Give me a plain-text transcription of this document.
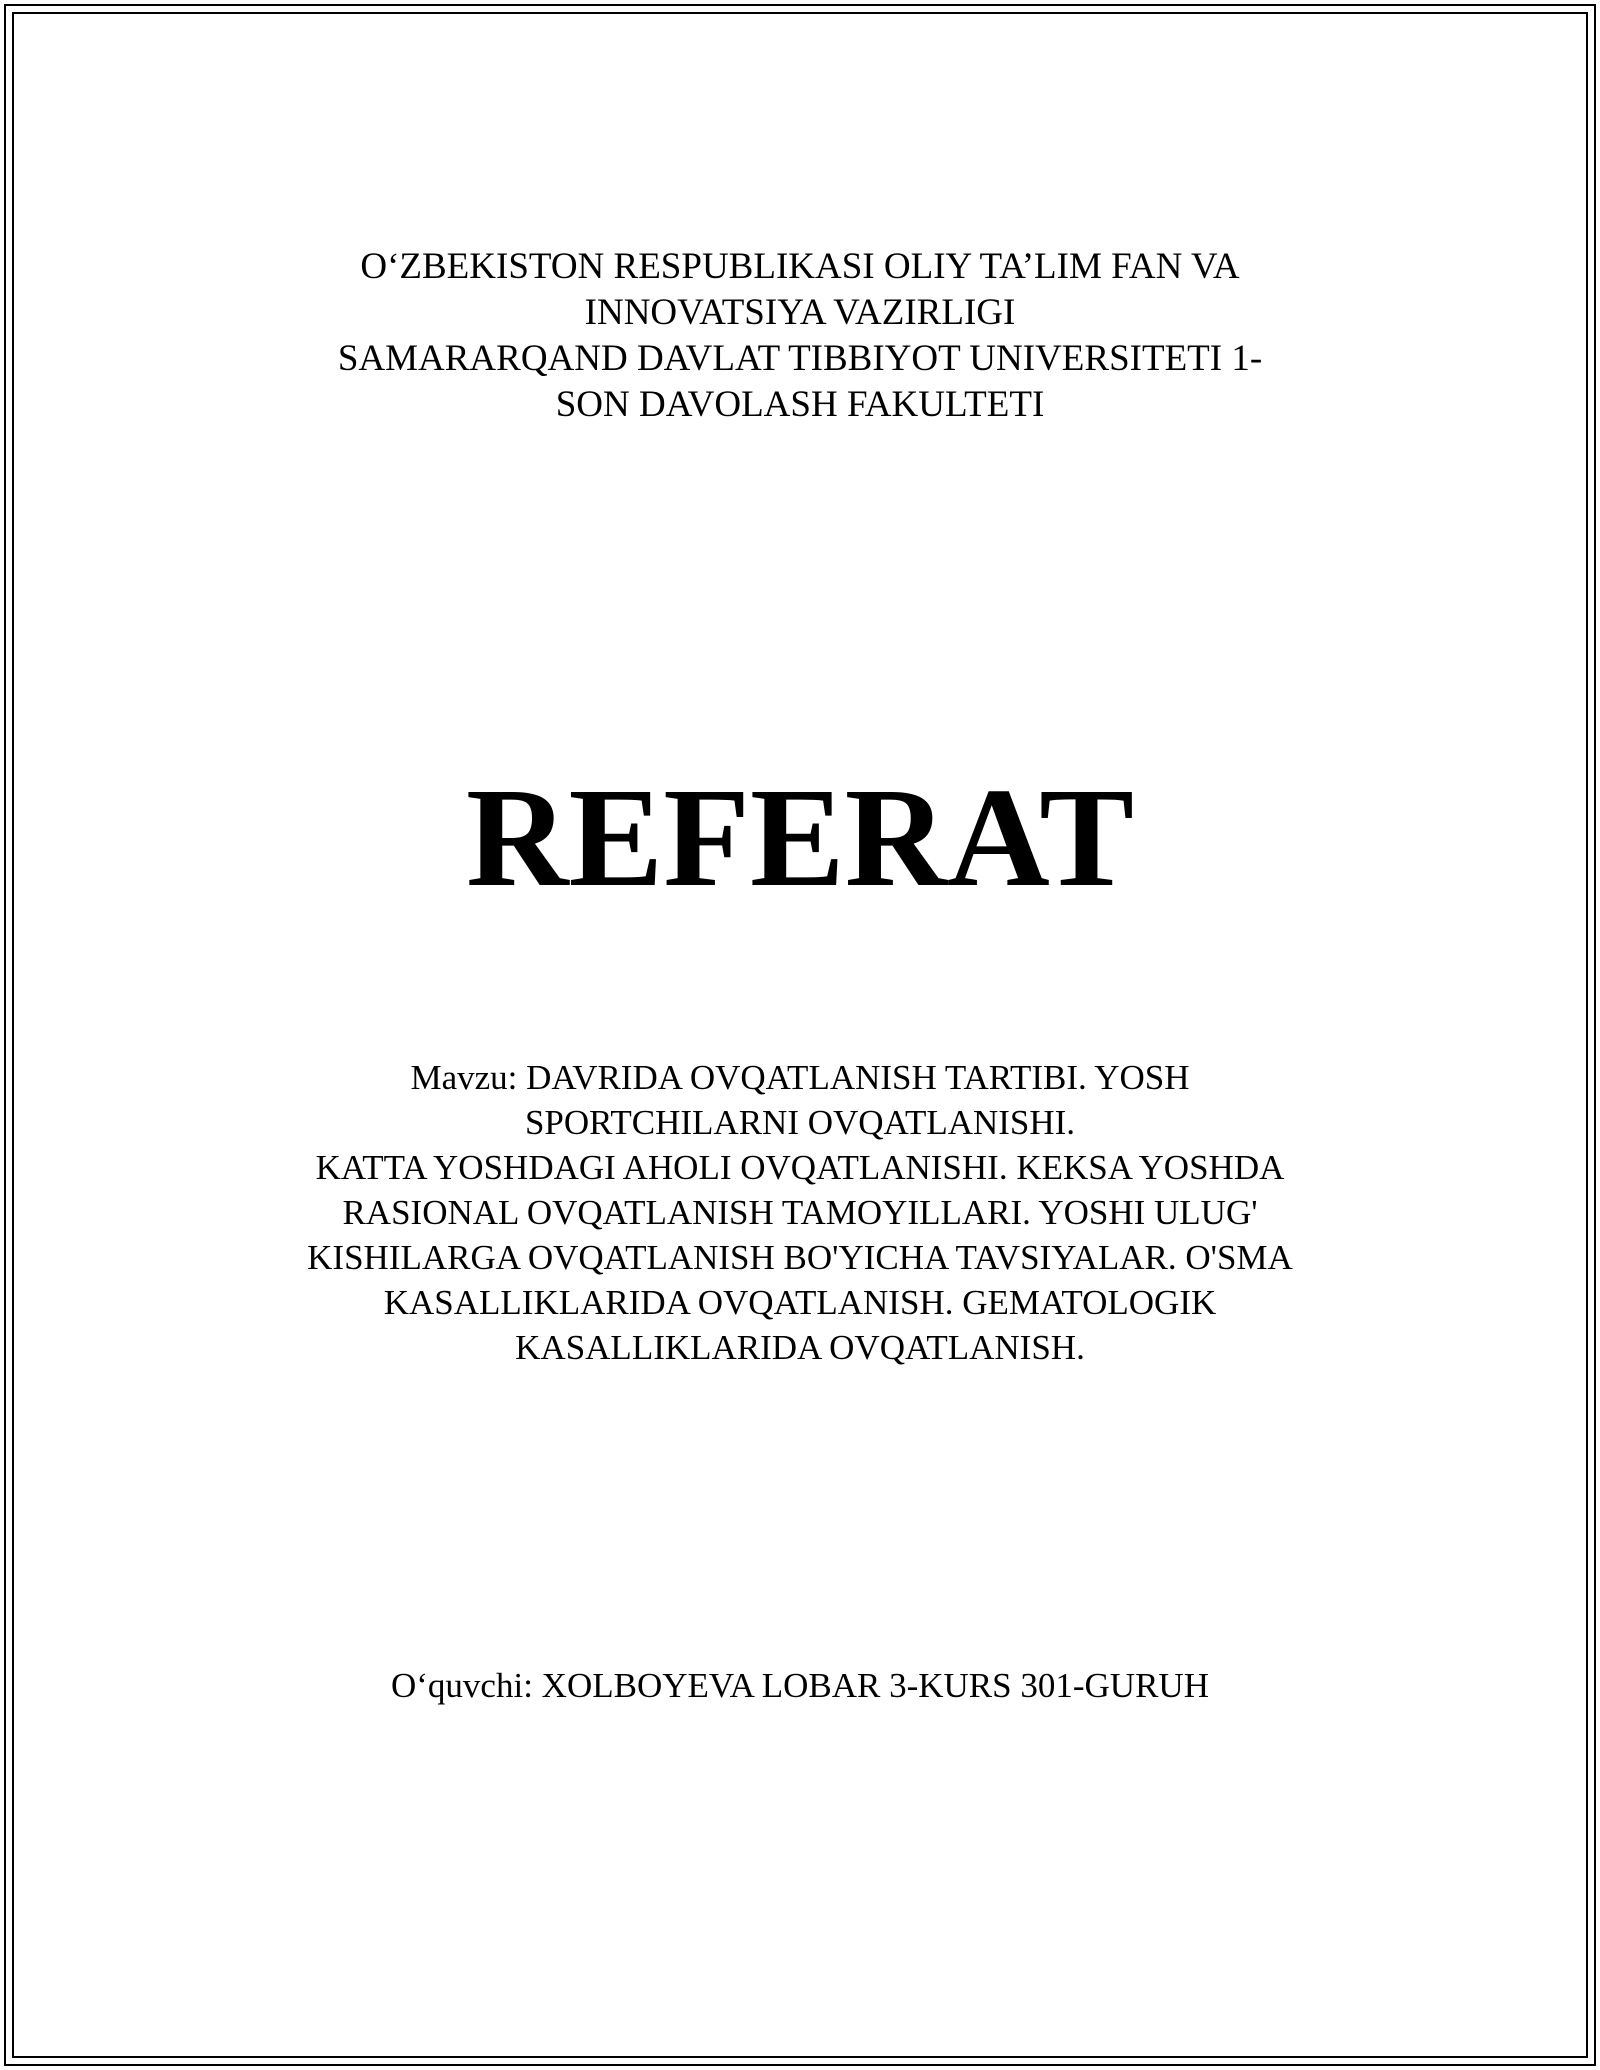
O‘ZBEKISTON RESPUBLIKASI OLIY TA’LIM FAN VA
INNOVATSIYA VAZIRLIGI
SAMARARQAND DAVLAT TIBBIYOT UNIVERSITETI 1-
SON DAVOLASH FAKULTETI
REFERAT
Mavzu: DAVRIDA OVQATLANISH TARTIBI. YOSH
SPORTCHILARNI OVQATLANISHI.
KATTA YOSHDAGI AHOLI OVQATLANISHI. KEKSA YOSHDA
RASIONAL OVQATLANISH TAMOYILLARI. YOSHI ULUG'
KISHILARGA OVQATLANISH BO'YICHA TAVSIYALAR. O'SMA
KASALLIKLARIDA OVQATLANISH. GEMATOLOGIK
KASALLIKLARIDA OVQATLANISH.
O‘quvchi: XOLBOYEVA LOBAR 3-KURS 301-GURUH
